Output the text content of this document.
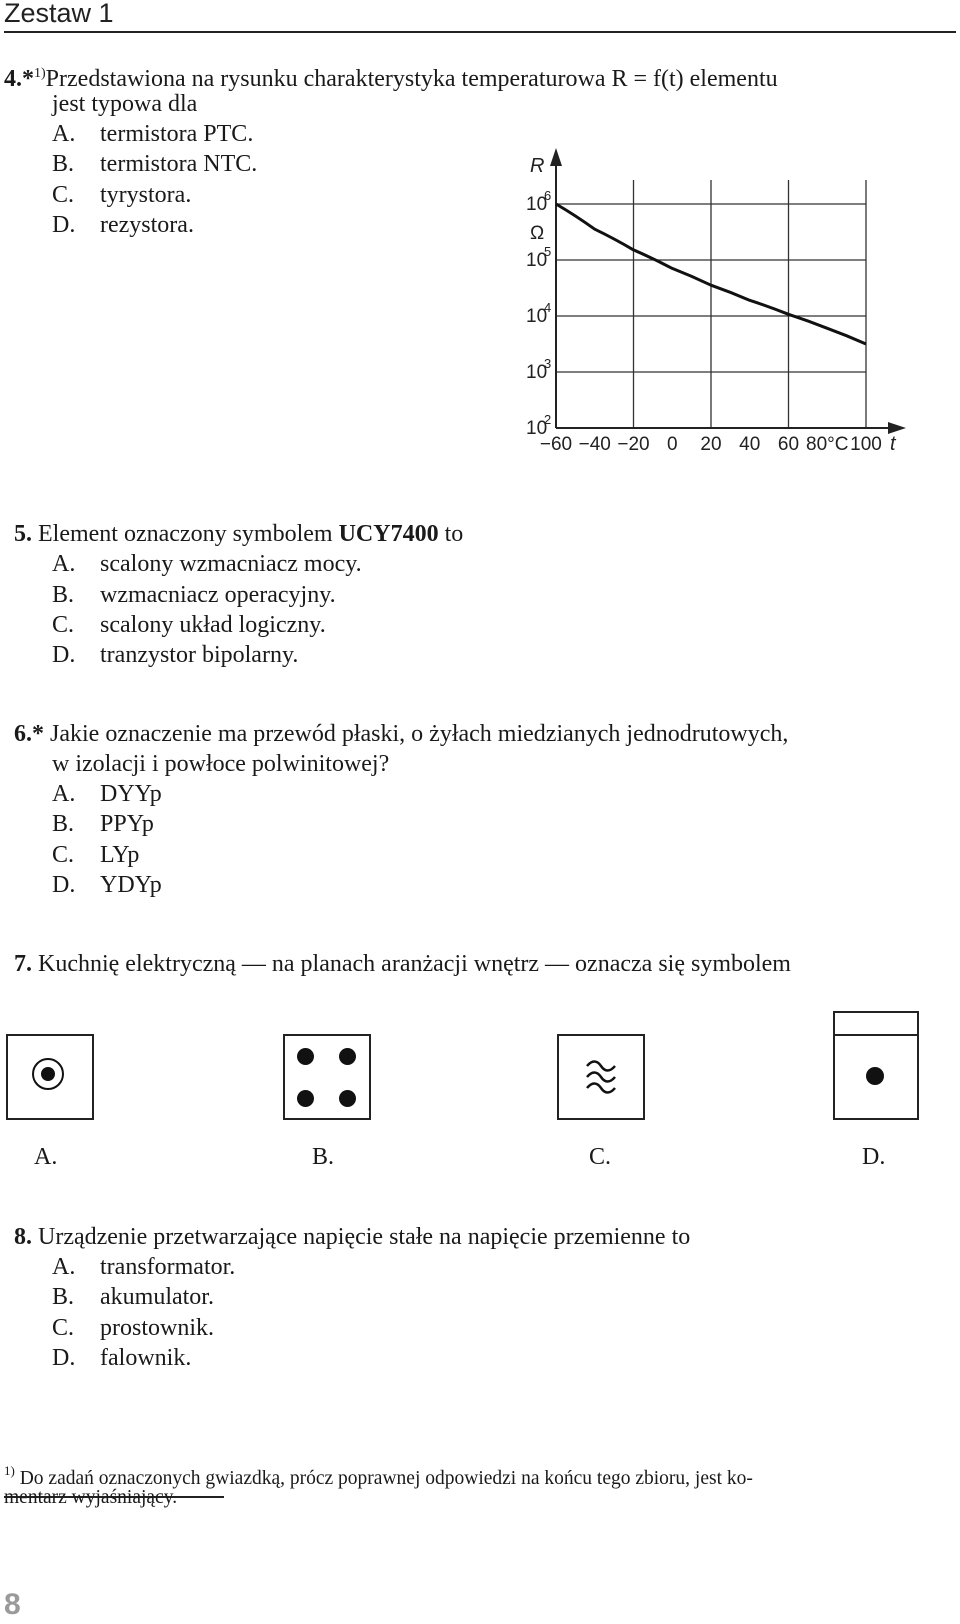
Zestaw 1
4.*$^{1)}$Przedstawiona na rysunku charakterystyka temperaturowa R = f(t) elementu
jest typowa dla
A. termistora PTC.
B. termistora NTC.
C. tyrystora.
D. rezystora.
10
6
10
5
10
4
10
3
10
2
R
Ω
−60 −40 −20 0 20 40 60 80°C 100 t
5. Element oznaczony symbolem UCY7400 to
A. scalony wzmacniacz mocy.
B. wzmacniacz operacyjny.
C. scalony układ logiczny.
D. tranzystor bipolarny.
6.* Jakie oznaczenie ma przewód płaski, o żyłach miedzianych jednodrutowych,
w izolacji i powłoce polwinitowej?
A. DYYp
B. PPYp
C. LYp
D. YDYp
7. Kuchnię elektryczną — na planach aranżacji wnętrz — oznacza się symbolem
A.	B.	C.	D.
8. Urządzenie przetwarzające napięcie stałe na napięcie przemienne to
A. transformator.
B. akumulator.
C. prostownik.
D. falownik.
$^{1)}$ Do zadań oznaczonych gwiazdką, prócz poprawnej odpowiedzi na końcu tego zbioru, jest ko-
mentarz wyjaśniający.
8
